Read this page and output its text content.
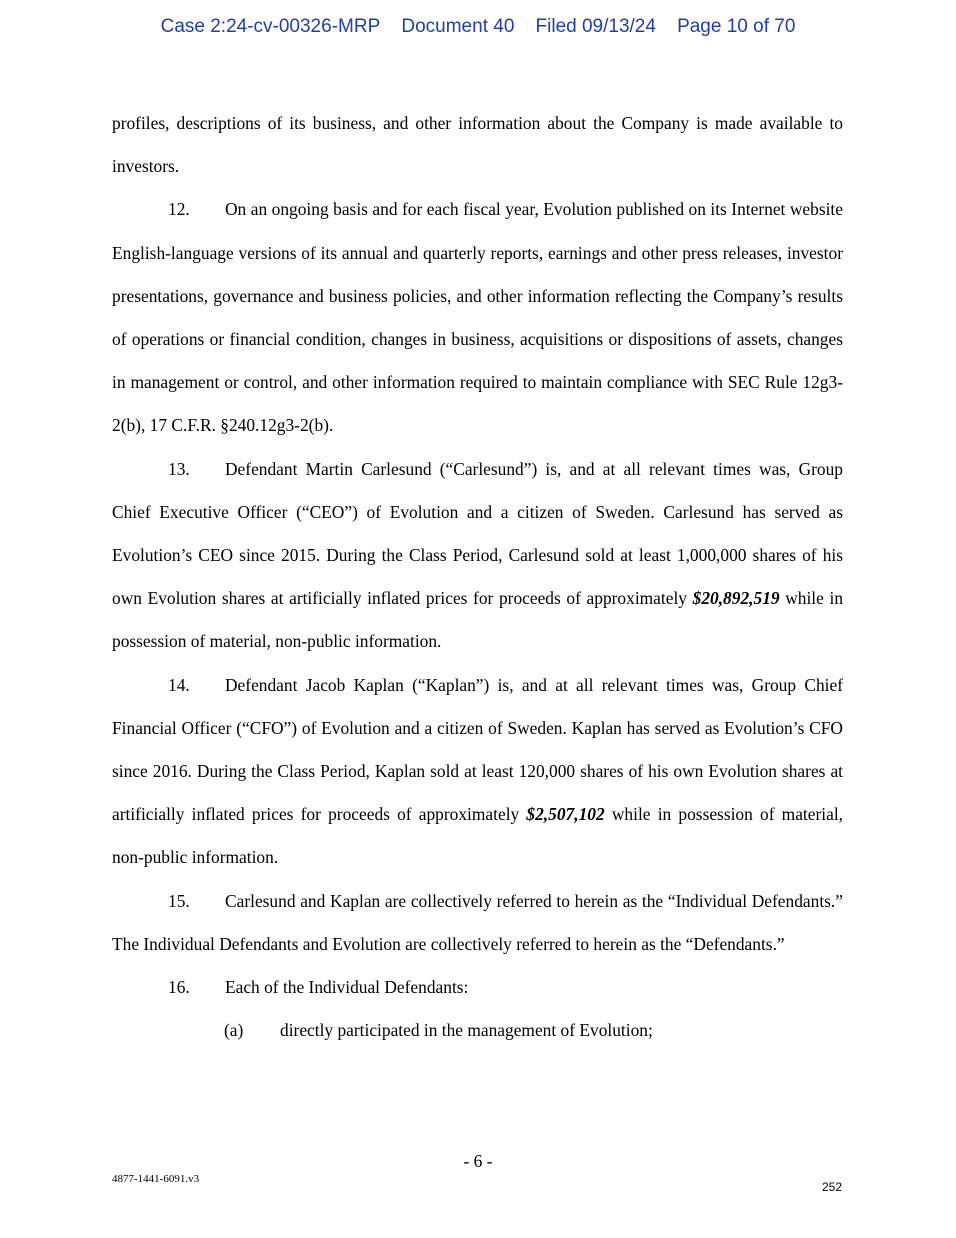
Case 2:24-cv-00326-MRP Document 40 Filed 09/13/24 Page 10 of 70

profiles, descriptions of its business, and other information about the Company is made available to investors.

12. On an ongoing basis and for each fiscal year, Evolution published on its Internet website English-language versions of its annual and quarterly reports, earnings and other press releases, investor presentations, governance and business policies, and other information reflecting the Company’s results of operations or financial condition, changes in business, acquisitions or dispositions of assets, changes in management or control, and other information required to maintain compliance with SEC Rule 12g3-2(b), 17 C.F.R. §240.12g3-2(b).

13. Defendant Martin Carlesund (“Carlesund”) is, and at all relevant times was, Group Chief Executive Officer (“CEO”) of Evolution and a citizen of Sweden. Carlesund has served as Evolution’s CEO since 2015. During the Class Period, Carlesund sold at least 1,000,000 shares of his own Evolution shares at artificially inflated prices for proceeds of approximately $20,892,519 while in possession of material, non-public information.

14. Defendant Jacob Kaplan (“Kaplan”) is, and at all relevant times was, Group Chief Financial Officer (“CFO”) of Evolution and a citizen of Sweden. Kaplan has served as Evolution’s CFO since 2016. During the Class Period, Kaplan sold at least 120,000 shares of his own Evolution shares at artificially inflated prices for proceeds of approximately $2,507,102 while in possession of material, non-public information.

15. Carlesund and Kaplan are collectively referred to herein as the “Individual Defendants.” The Individual Defendants and Evolution are collectively referred to herein as the “Defendants.”

16. Each of the Individual Defendants:

(a) directly participated in the management of Evolution;

- 6 -
4877-1441-6091.v3
252
